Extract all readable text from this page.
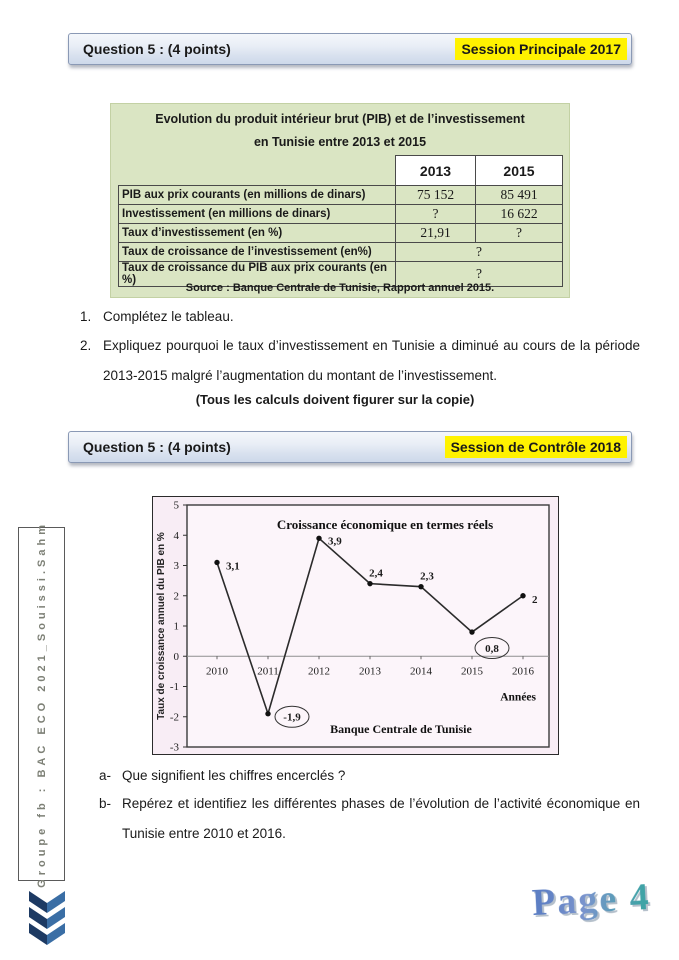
Question 5 : (4 points)	Session Principale 2017
Evolution du produit intérieur brut (PIB) et de l’investissement
en Tunisie entre 2013 et 2015
	2013	2015
PIB aux prix courants (en millions de dinars)	75 152	85 491
Investissement (en millions de dinars)	?	16 622
Taux d’investissement (en %)	21,91	?
Taux de croissance de l’investissement (en%)	?	
Taux de croissance du PIB aux prix courants (en %)	?	
Source : Banque Centrale de Tunisie, Rapport annuel 2015.
1. Complétez le tableau.
2. Expliquez pourquoi le taux d’investissement en Tunisie a diminué au cours de la période 2013-2015 malgré l’augmentation du montant de l’investissement.
(Tous les calculs doivent figurer sur la copie)
Question 5 : (4 points)	Session de Contrôle 2018
5
4
3
2
1
0
-1
-2
-3
2010	2011	2012	2013	2014	2015	2016
3,1
-1,9
3,9
2,4	2,3
0,8
2
Croissance économique en termes réels
Banque Centrale de Tunisie
Années
Taux de croissance annuel du PIB en %
a- Que signifient les chiffres encerclés ?
b- Repérez et identifiez les différentes phases de l’évolution de l’activité économique en Tunisie entre 2010 et 2016.
Groupe fb : BAC ECO 2021_Souissi.Sahm
Page 4
